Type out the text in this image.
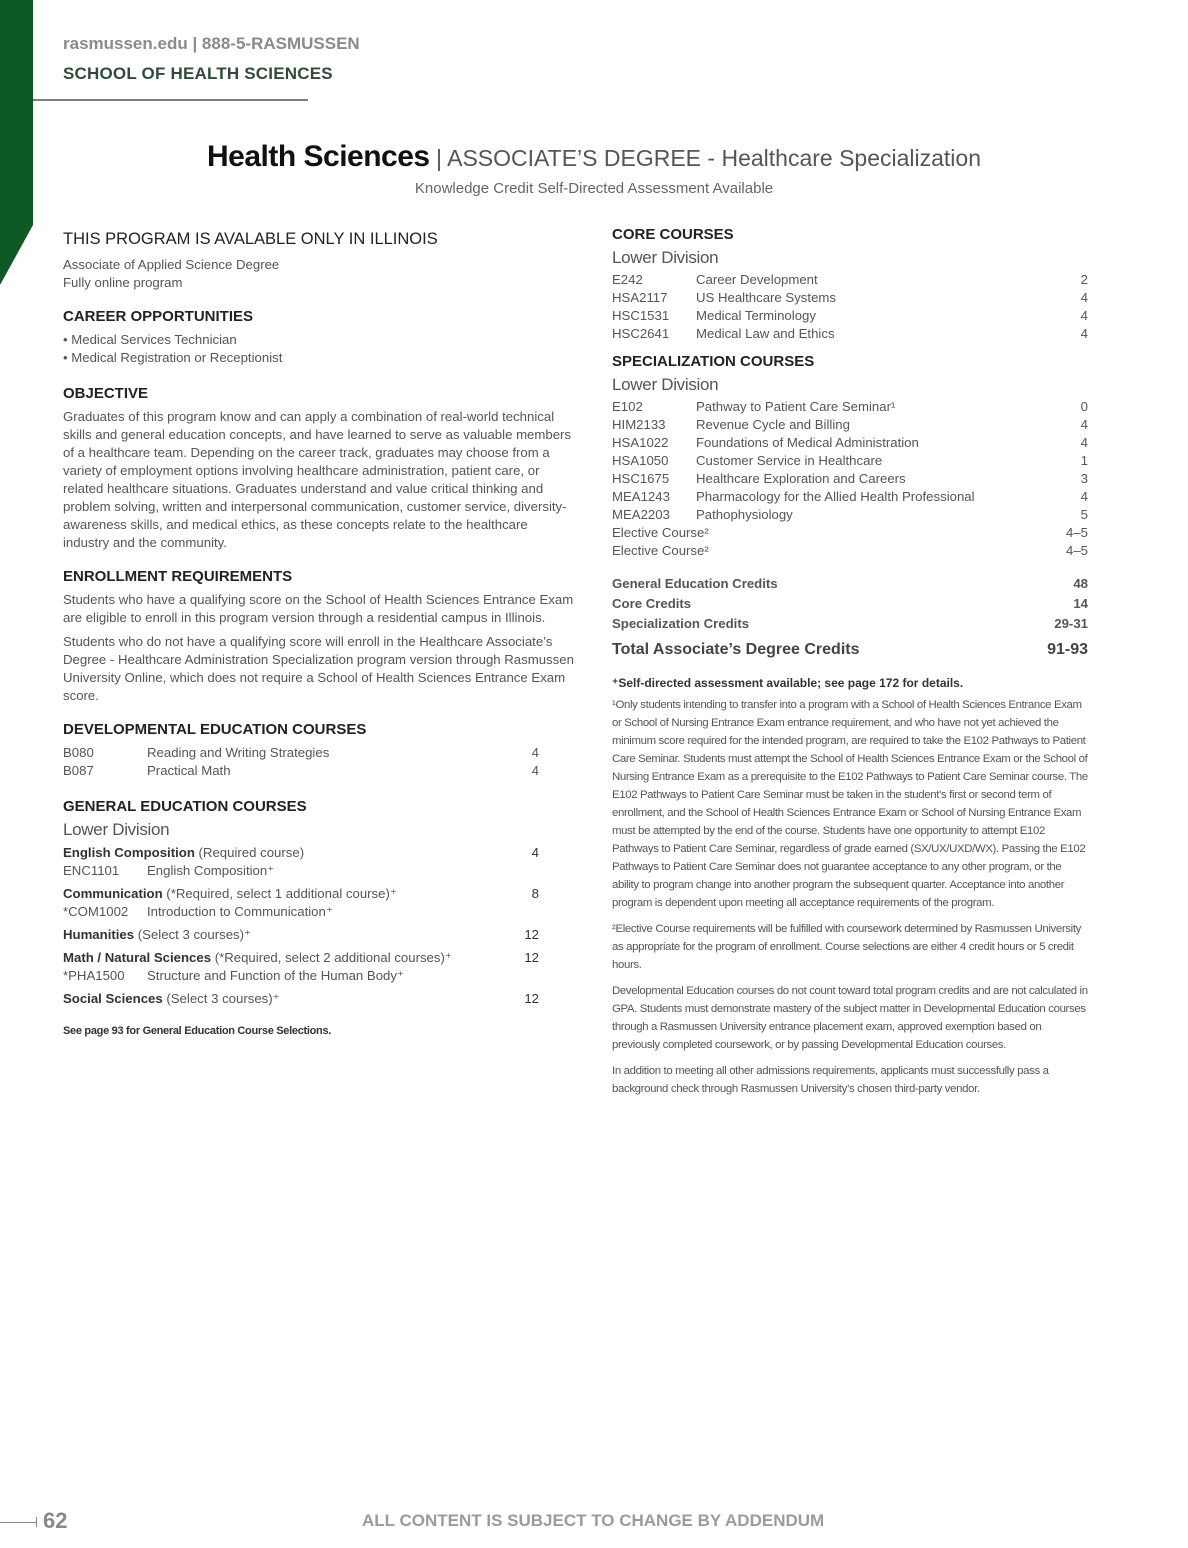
rasmussen.edu | 888-5-RASMUSSEN
SCHOOL OF HEALTH SCIENCES
Health Sciences | ASSOCIATE’S DEGREE - Healthcare Specialization
Knowledge Credit Self-Directed Assessment Available
THIS PROGRAM IS AVALABLE ONLY IN ILLINOIS
Associate of Applied Science Degree
Fully online program
CAREER OPPORTUNITIES
• Medical Services Technician
• Medical Registration or Receptionist
OBJECTIVE

Graduates of this program know and can apply a combination of real-world technical skills and general education concepts, and have learned to serve as valuable members of a healthcare team. Depending on the career track, graduates may choose from a variety of employment options involving healthcare administration, patient care, or related healthcare situations. Graduates understand and value critical thinking and problem solving, written and interpersonal communication, customer service, diversity-awareness skills, and medical ethics, as these concepts relate to the healthcare industry and the community.

ENROLLMENT REQUIREMENTS

Students who have a qualifying score on the School of Health Sciences Entrance Exam are eligible to enroll in this program version through a residential campus in Illinois.

Students who do not have a qualifying score will enroll in the Healthcare Associate’s Degree - Healthcare Administration Specialization program version through Rasmussen University Online, which does not require a School of Health Sciences Entrance Exam score.

DEVELOPMENTAL EDUCATION COURSES
B080	Reading and Writing Strategies	4
B087	Practical Math	4
GENERAL EDUCATION COURSES
Lower Division
English Composition (Required course)	4
ENC1101	English Composition⁺
Communication (*Required, select 1 additional course)⁺	8
*COM1002	Introduction to Communication⁺
Humanities (Select 3 courses)⁺	12
Math / Natural Sciences (*Required, select 2 additional courses)⁺	12
*PHA1500	Structure and Function of the Human Body⁺
Social Sciences (Select 3 courses)⁺	12
See page 93 for General Education Course Selections.
CORE COURSES
Lower Division
E242	Career Development	2
HSA2117	US Healthcare Systems	4
HSC1531	Medical Terminology	4
HSC2641	Medical Law and Ethics	4
SPECIALIZATION COURSES
Lower Division
E102	Pathway to Patient Care Seminar¹	0
HIM2133	Revenue Cycle and Billing	4
HSA1022	Foundations of Medical Administration	4
HSA1050	Customer Service in Healthcare	1
HSC1675	Healthcare Exploration and Careers	3
MEA1243	Pharmacology for the Allied Health Professional	4
MEA2203	Pathophysiology	5
Elective Course²	4–5
Elective Course²	4–5
General Education Credits	48
Core Credits	14
Specialization Credits	29-31
Total Associate’s Degree Credits	91-93
⁺Self-directed assessment available; see page 172 for details.

¹Only students intending to transfer into a program with a School of Health Sciences Entrance Exam or School of Nursing Entrance Exam entrance requirement, and who have not yet achieved the minimum score required for the intended program, are required to take the E102 Pathways to Patient Care Seminar. Students must attempt the School of Health Sciences Entrance Exam or the School of Nursing Entrance Exam as a prerequisite to the E102 Pathways to Patient Care Seminar course. The E102 Pathways to Patient Care Seminar must be taken in the student’s first or second term of enrollment, and the School of Health Sciences Entrance Exam or School of Nursing Entrance Exam must be attempted by the end of the course. Students have one opportunity to attempt E102 Pathways to Patient Care Seminar, regardless of grade earned (SX/UX/UXD/WX). Passing the E102 Pathways to Patient Care Seminar does not guarantee acceptance to any other program, or the ability to program change into another program the subsequent quarter. Acceptance into another program is dependent upon meeting all acceptance requirements of the program.

²Elective Course requirements will be fulfilled with coursework determined by Rasmussen University as appropriate for the program of enrollment. Course selections are either 4 credit hours or 5 credit hours.

Developmental Education courses do not count toward total program credits and are not calculated in GPA. Students must demonstrate mastery of the subject matter in Developmental Education courses through a Rasmussen University entrance placement exam, approved exemption based on previously completed coursework, or by passing Developmental Education courses.

In addition to meeting all other admissions requirements, applicants must successfully pass a background check through Rasmussen University’s chosen third-party vendor.

62	ALL CONTENT IS SUBJECT TO CHANGE BY ADDENDUM
